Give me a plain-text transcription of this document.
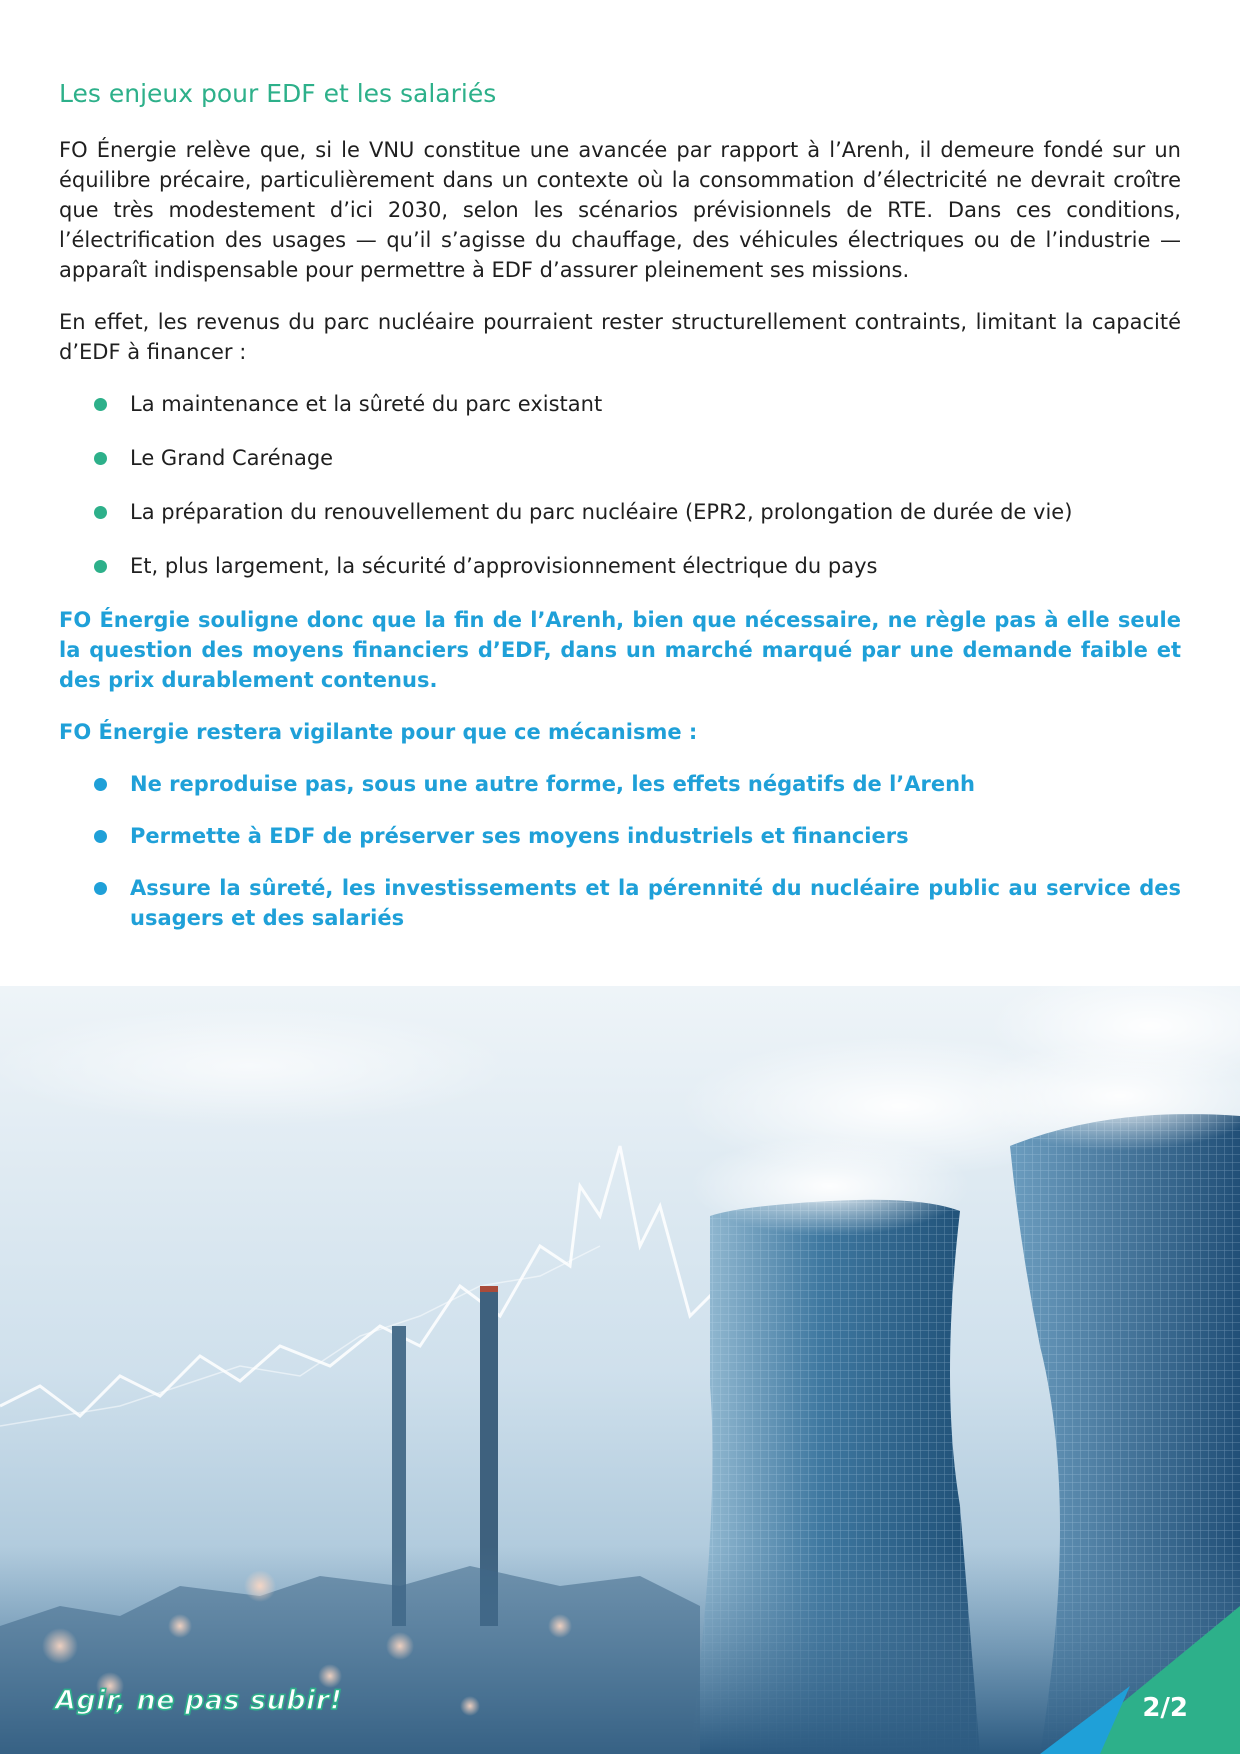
Les enjeux pour EDF et les salariés

FO Énergie relève que, si le VNU constitue une avancée par rapport à l’Arenh, il demeure fondé sur un équilibre précaire, particulièrement dans un contexte où la consommation d’électricité ne devrait croître que très modestement d’ici 2030, selon les scénarios prévisionnels de RTE. Dans ces conditions, l’électrification des usages — qu’il s’agisse du chauffage, des véhicules électriques ou de l’industrie — apparaît indispensable pour permettre à EDF d’assurer pleinement ses missions.

En effet, les revenus du parc nucléaire pourraient rester structurellement contraints, limitant la capacité d’EDF à financer :

La maintenance et la sûreté du parc existant
Le Grand Carénage
La préparation du renouvellement du parc nucléaire (EPR2, prolongation de durée de vie)
Et, plus largement, la sécurité d’approvisionnement électrique du pays

FO Énergie souligne donc que la fin de l’Arenh, bien que nécessaire, ne règle pas à elle seule la question des moyens financiers d’EDF, dans un marché marqué par une demande faible et des prix durablement contenus.

FO Énergie restera vigilante pour que ce mécanisme :

Ne reproduise pas, sous une autre forme, les effets négatifs de l’Arenh
Permette à EDF de préserver ses moyens industriels et financiers
Assure la sûreté, les investissements et la pérennité du nucléaire public au service des usagers et des salariés
Agir, ne pas subir!	2/2
